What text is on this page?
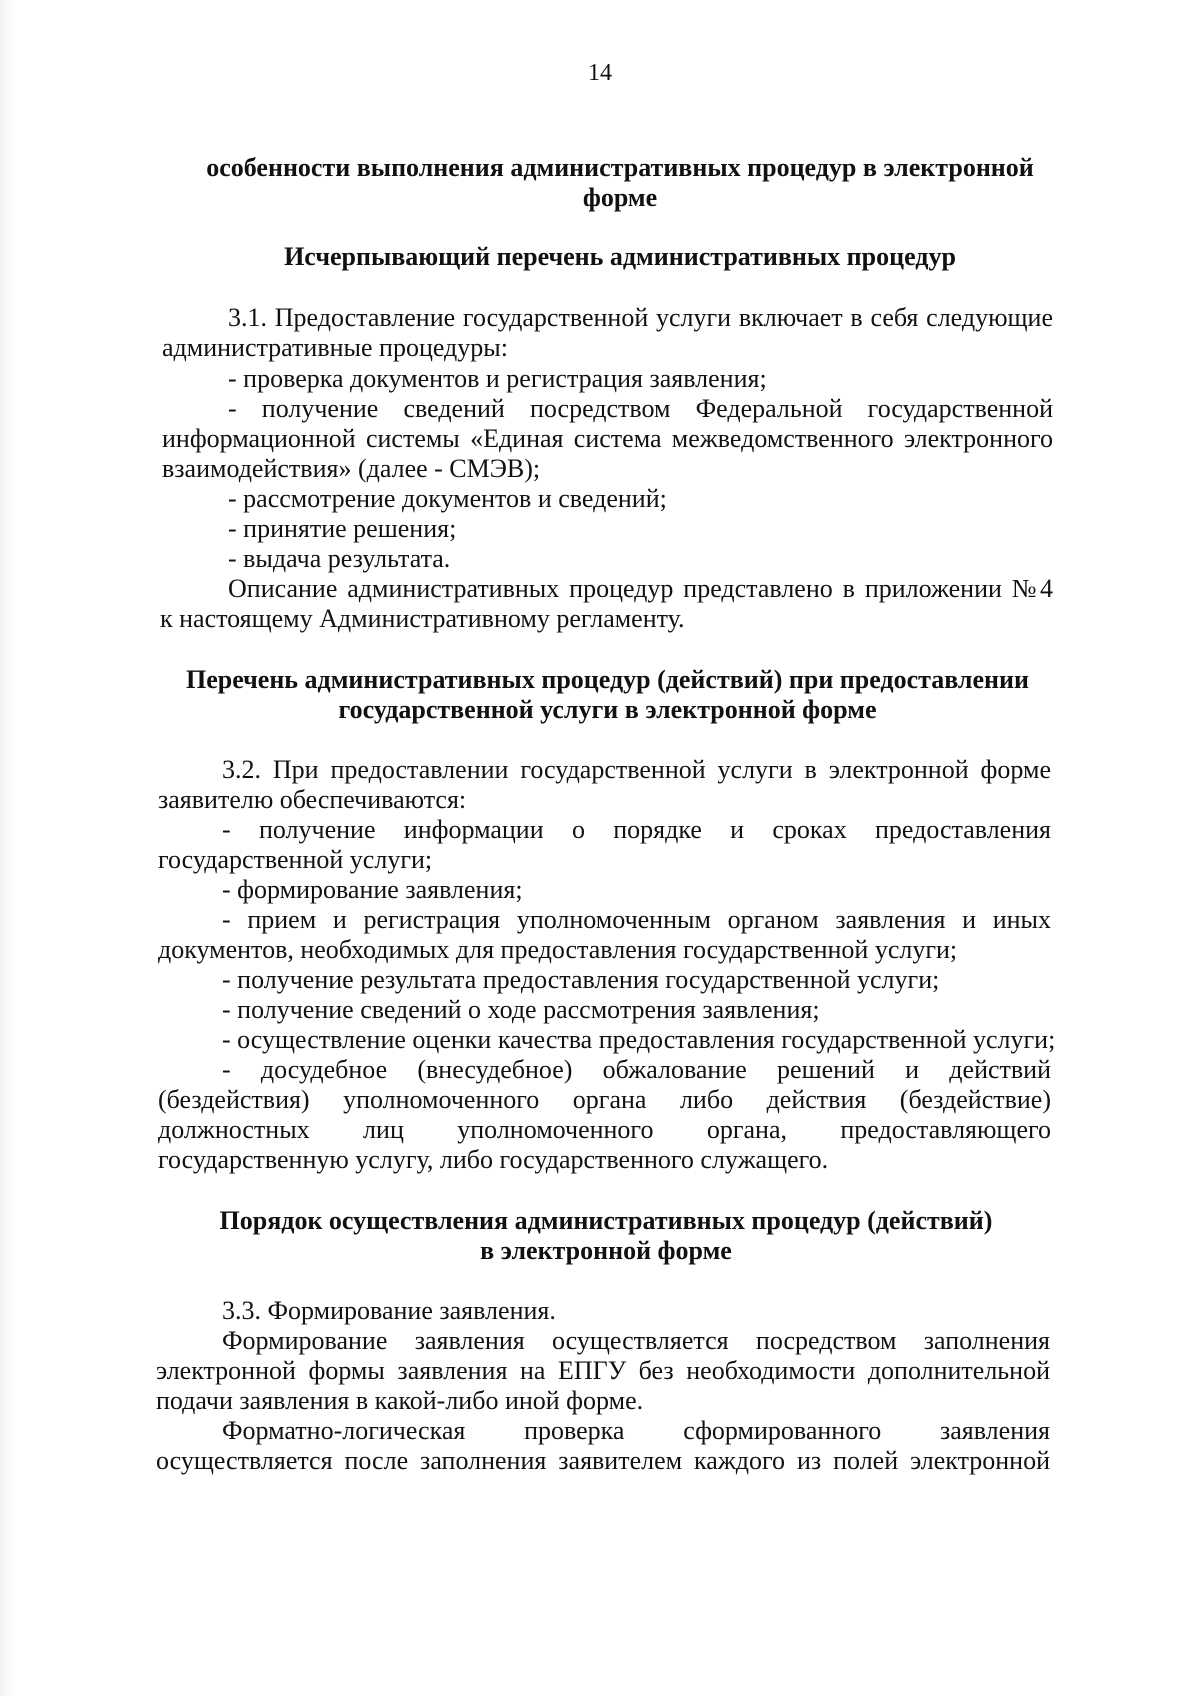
14

особенности выполнения административных процедур в электронной

форме

Исчерпывающий перечень административных процедур

3.1. Предоставление государственной услуги включает в себя следующие

административные процедуры:

- проверка документов и регистрация заявления;

- получение сведений посредством Федеральной государственной

информационной системы «Единая система межведомственного электронного

взаимодействия» (далее - СМЭВ);

- рассмотрение документов и сведений;

- принятие решения;

- выдача результата.

Описание административных процедур представлено в приложении №4

к настоящему Административному регламенту.

Перечень административных процедур (действий) при предоставлении

государственной услуги в электронной форме

3.2. При предоставлении государственной услуги в электронной форме

заявителю обеспечиваются:

- получение информации о порядке и сроках предоставления

государственной услуги;

- формирование заявления;

- прием и регистрация уполномоченным органом заявления и иных

документов, необходимых для предоставления государственной услуги;

- получение результата предоставления государственной услуги;

- получение сведений о ходе рассмотрения заявления;

- осуществление оценки качества предоставления государственной услуги;

- досудебное (внесудебное) обжалование решений и действий

(бездействия) уполномоченного органа либо действия (бездействие)

должностных лиц уполномоченного органа, предоставляющего

государственную услугу, либо государственного служащего.

Порядок осуществления административных процедур (действий)

в электронной форме

3.3. Формирование заявления.

Формирование заявления осуществляется посредством заполнения

электронной формы заявления на ЕПГУ без необходимости дополнительной

подачи заявления в какой-либо иной форме.

Форматно-логическая проверка сформированного заявления

осуществляется после заполнения заявителем каждого из полей электронной
